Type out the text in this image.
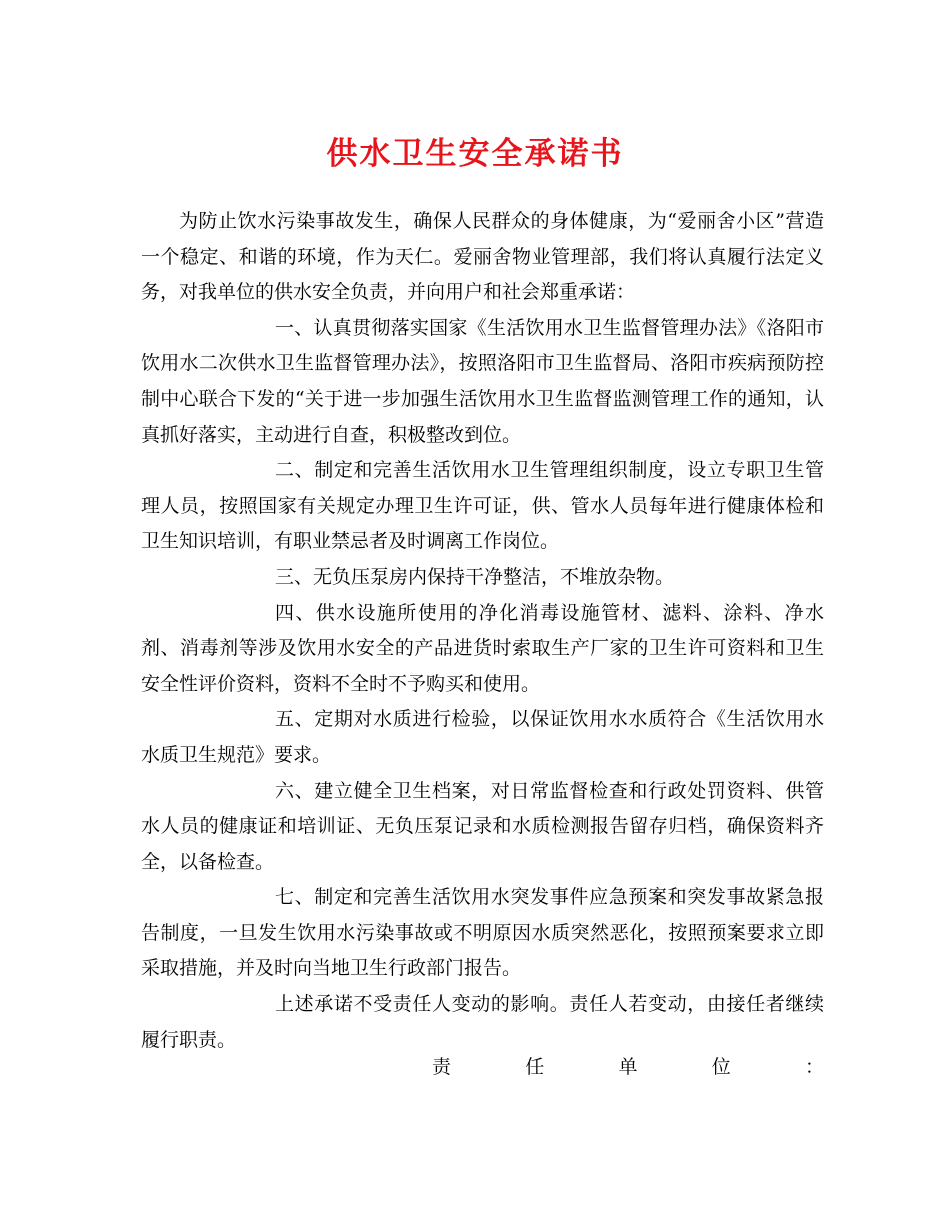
供水卫生安全承诺书

为防止饮水污染事故发生，确保人民群众的身体健康，为“爱丽舍小区”营造一个稳定、和谐的环境，作为天仁。爱丽舍物业管理部，我们将认真履行法定义务，对我单位的供水安全负责，并向用户和社会郑重承诺：

一、认真贯彻落实国家《生活饮用水卫生监督管理办法》《洛阳市饮用水二次供水卫生监督管理办法》，按照洛阳市卫生监督局、洛阳市疾病预防控制中心联合下发的“关于进一步加强生活饮用水卫生监督监测管理工作的通知，认真抓好落实，主动进行自查，积极整改到位。

二、制定和完善生活饮用水卫生管理组织制度，设立专职卫生管理人员，按照国家有关规定办理卫生许可证，供、管水人员每年进行健康体检和卫生知识培训，有职业禁忌者及时调离工作岗位。

三、无负压泵房内保持干净整洁，不堆放杂物。

四、供水设施所使用的净化消毒设施管材、滤料、涂料、净水剂、消毒剂等涉及饮用水安全的产品进货时索取生产厂家的卫生许可资料和卫生安全性评价资料，资料不全时不予购买和使用。

五、定期对水质进行检验，以保证饮用水水质符合《生活饮用水水质卫生规范》要求。

六、建立健全卫生档案，对日常监督检查和行政处罚资料、供管水人员的健康证和培训证、无负压泵记录和水质检测报告留存归档，确保资料齐全，以备检查。

七、制定和完善生活饮用水突发事件应急预案和突发事故紧急报告制度，一旦发生饮用水污染事故或不明原因水质突然恶化，按照预案要求立即采取措施，并及时向当地卫生行政部门报告。

上述承诺不受责任人变动的影响。责任人若变动，由接任者继续履行职责。

责	任	单	位	：
